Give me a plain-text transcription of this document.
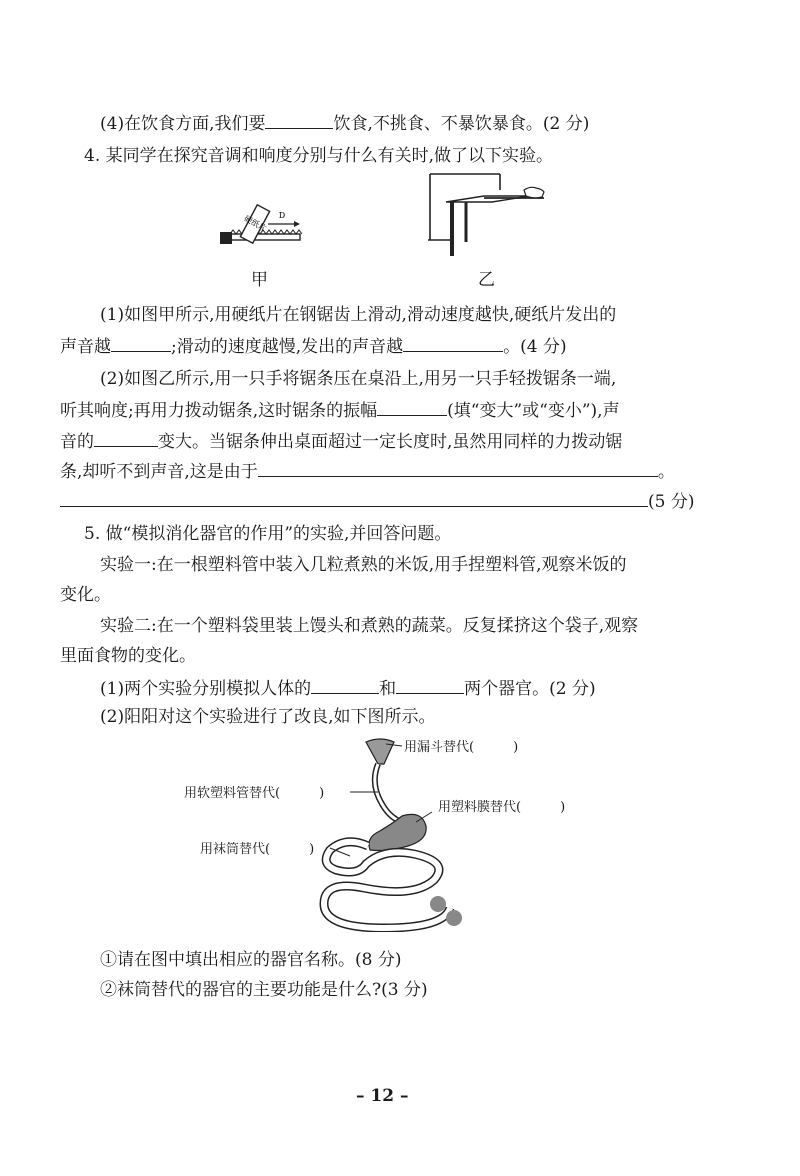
(4)在饮食方面,我们要	饮食,不挑食、不暴饮暴食。(2 分)
4. 某同学在探究音调和响度分别与什么有关时,做了以下实验。
硬纸片 D
甲	乙
(1)如图甲所示,用硬纸片在钢锯齿上滑动,滑动速度越快,硬纸片发出的
声音越	;滑动的速度越慢,发出的声音越	。(4 分)
(2)如图乙所示,用一只手将锯条压在桌沿上,用另一只手轻拨锯条一端,
听其响度;再用力拨动锯条,这时锯条的振幅	(填“变大”或“变小”),声
音的	变大。当锯条伸出桌面超过一定长度时,虽然用同样的力拨动锯
条,却听不到声音,这是由于	。
(5 分)
5. 做“模拟消化器官的作用”的实验,并回答问题。
实验一:在一根塑料管中装入几粒煮熟的米饭,用手捏塑料管,观察米饭的
变化。
实验二:在一个塑料袋里装上馒头和煮熟的蔬菜。反复揉挤这个袋子,观察
里面食物的变化。
(1)两个实验分别模拟人体的	和	两个器官。(2 分)
(2)阳阳对这个实验进行了改良,如下图所示。
用漏斗替代(　　　)
用软塑料管替代(　　　)
用塑料膜替代(　　　)
用袜筒替代(　　　)
①请在图中填出相应的器官名称。(8 分)
②袜筒替代的器官的主要功能是什么?(3 分)
– 12 –
